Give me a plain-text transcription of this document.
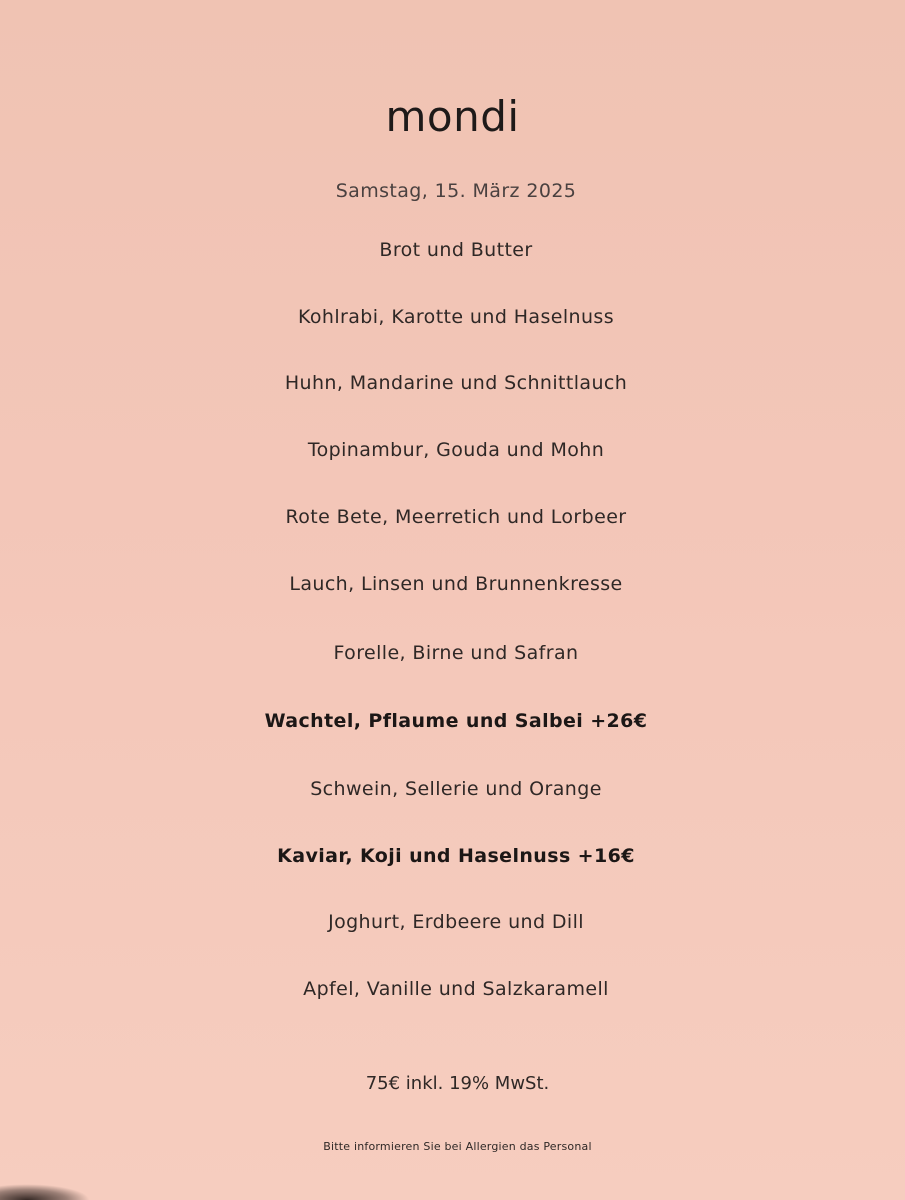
mondi
Samstag, 15. März 2025
Brot und Butter
Kohlrabi, Karotte und Haselnuss
Huhn, Mandarine und Schnittlauch
Topinambur, Gouda und Mohn
Rote Bete, Meerretich und Lorbeer
Lauch, Linsen und Brunnenkresse
Forelle, Birne und Safran
Wachtel, Pflaume und Salbei +26€
Schwein, Sellerie und Orange
Kaviar, Koji und Haselnuss +16€
Joghurt, Erdbeere und Dill
Apfel, Vanille und Salzkaramell
75€ inkl. 19% MwSt.
Bitte informieren Sie bei Allergien das Personal
